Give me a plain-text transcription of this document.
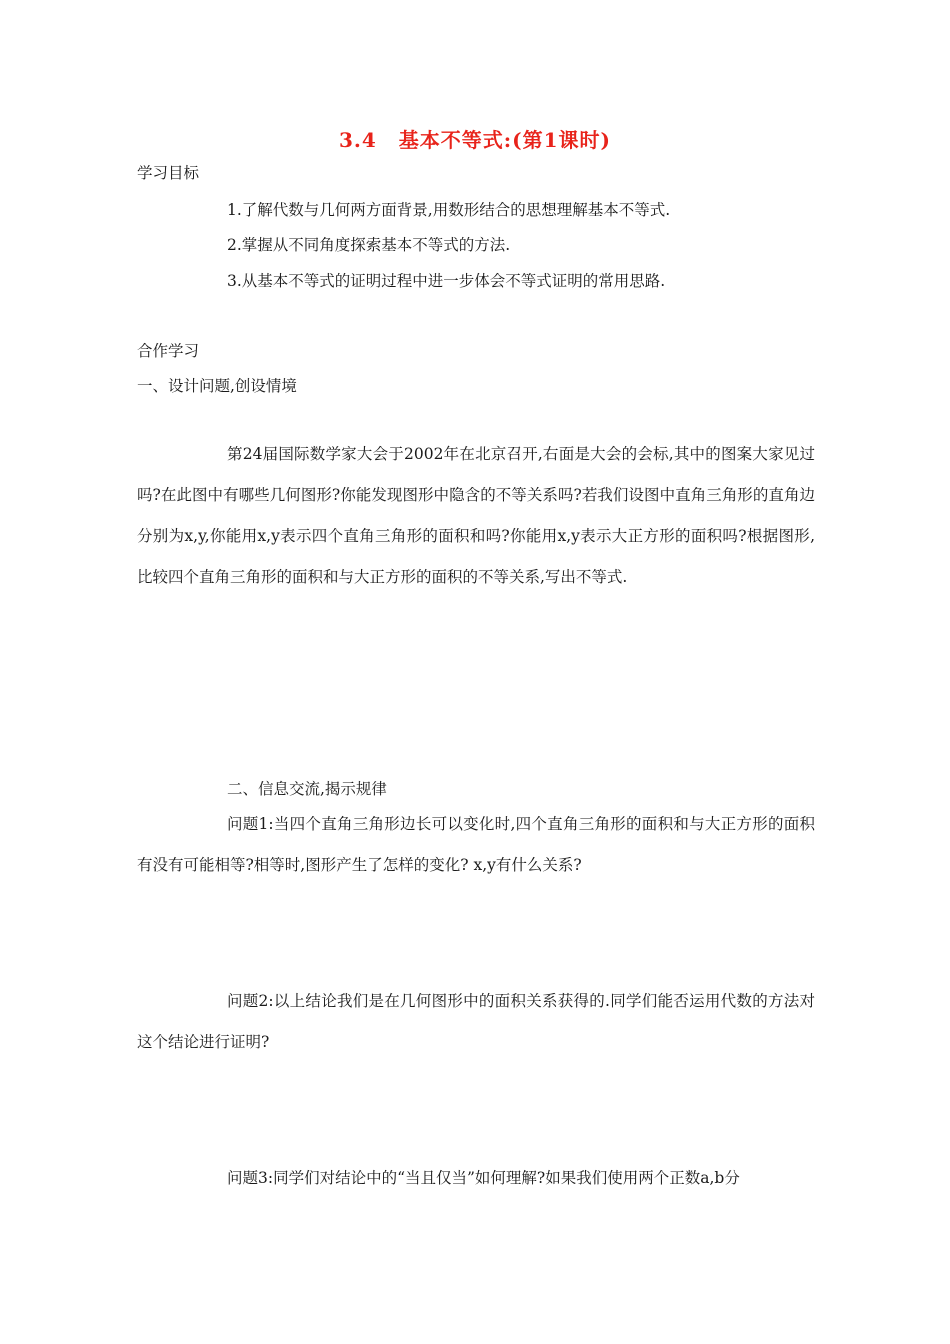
3.4 基本不等式:(第1课时)
学习目标
1.了解代数与几何两方面背景,用数形结合的思想理解基本不等式.
2.掌握从不同角度探索基本不等式的方法.
3.从基本不等式的证明过程中进一步体会不等式证明的常用思路.
合作学习
一、设计问题,创设情境

第24届国际数学家大会于2002年在北京召开,右面是大会的会标,其中的图案大家见过吗?在此图中有哪些几何图形?你能发现图形中隐含的不等关系吗?若我们设图中直角三角形的直角边分别为x,y,你能用x,y表示四个直角三角形的面积和吗?你能用x,y表示大正方形的面积吗?根据图形,比较四个直角三角形的面积和与大正方形的面积的不等关系,写出不等式.

二、信息交流,揭示规律

问题1:当四个直角三角形边长可以变化时,四个直角三角形的面积和与大正方形的面积有没有可能相等?相等时,图形产生了怎样的变化? x,y有什么关系?

问题2:以上结论我们是在几何图形中的面积关系获得的.同学们能否运用代数的方法对这个结论进行证明?

问题3:同学们对结论中的“当且仅当”如何理解?如果我们使用两个正数a,b分
